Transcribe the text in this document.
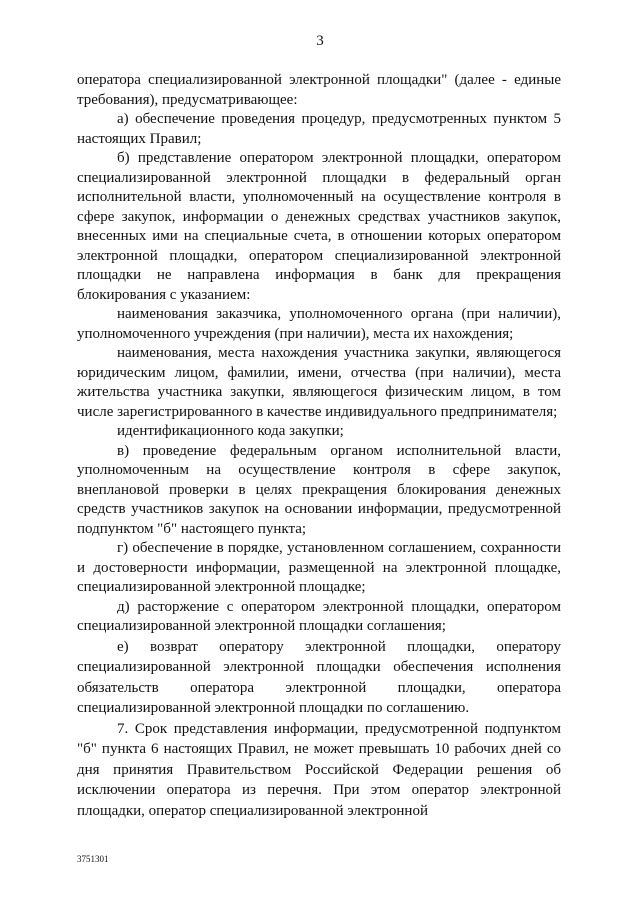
3

оператора специализированной электронной площадки" (далее - единые требования), предусматривающее:

а) обеспечение проведения процедур, предусмотренных пунктом 5 настоящих Правил;

б) представление оператором электронной площадки, оператором специализированной электронной площадки в федеральный орган исполнительной власти, уполномоченный на осуществление контроля в сфере закупок, информации о денежных средствах участников закупок, внесенных ими на специальные счета, в отношении которых оператором электронной площадки, оператором специализированной электронной площадки не направлена информация в банк для прекращения блокирования с указанием:

наименования заказчика, уполномоченного органа (при наличии), уполномоченного учреждения (при наличии), места их нахождения;

наименования, места нахождения участника закупки, являющегося юридическим лицом, фамилии, имени, отчества (при наличии), места жительства участника закупки, являющегося физическим лицом, в том числе зарегистрированного в качестве индивидуального предпринимателя;

идентификационного кода закупки;

в) проведение федеральным органом исполнительной власти, уполномоченным на осуществление контроля в сфере закупок, внеплановой проверки в целях прекращения блокирования денежных средств участников закупок на основании информации, предусмотренной подпунктом "б" настоящего пункта;

г) обеспечение в порядке, установленном соглашением, сохранности и достоверности информации, размещенной на электронной площадке, специализированной электронной площадке;

д) расторжение с оператором электронной площадки, оператором специализированной электронной площадки соглашения;

е) возврат оператору электронной площадки, оператору специализированной электронной площадки обеспечения исполнения обязательств оператора электронной площадки, оператора специализированной электронной площадки по соглашению.

7. Срок представления информации, предусмотренной подпунктом "б" пункта 6 настоящих Правил, не может превышать 10 рабочих дней со дня принятия Правительством Российской Федерации решения об исключении оператора из перечня. При этом оператор электронной площадки, оператор специализированной электронной

3751301
